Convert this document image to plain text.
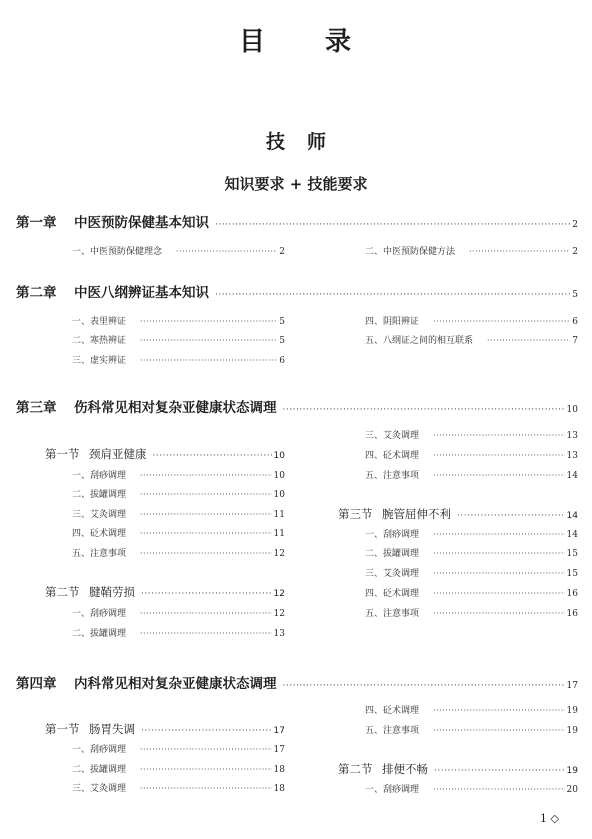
目 录
技 师
知识要求 + 技能要求
第一章 中医预防保健基本知识 ·····	2
一、中医预防保健理念 ·····	2	二、中医预防保健方法 ·····	2
第二章 中医八纲辨证基本知识 ·····	5
一、表里辨证 ·····	5
二、寒热辨证 ·····	5
三、虚实辨证 ·····	6
四、阴阳辨证 ·····	6
五、八纲证之间的相互联系 ·····	7
第三章 伤科常见相对复杂亚健康状态调理 ·····	10
第一节 颈肩亚健康 ·····	10
一、刮痧调理 ·····	10
二、拔罐调理 ·····	10
三、艾灸调理 ·····	11
四、砭术调理 ·····	11
五、注意事项 ·····	12
第二节 腱鞘劳损 ·····	12
一、刮痧调理 ·····	12
二、拔罐调理 ·····	13
三、艾灸调理 ·····	13
四、砭术调理 ·····	13
五、注意事项 ·····	14
第三节 腕管屈伸不利 ·····	14
一、刮痧调理 ·····	14
二、拔罐调理 ·····	15
三、艾灸调理 ·····	15
四、砭术调理 ·····	16
五、注意事项 ·····	16
第四章 内科常见相对复杂亚健康状态调理 ·····	17
第一节 肠胃失调 ·····	17
一、刮痧调理 ·····	17
二、拔罐调理 ·····	18
三、艾灸调理 ·····	18
四、砭术调理 ·····	19
五、注意事项 ·····	19
第二节 排便不畅 ·····	19
一、刮痧调理 ·····	20
1 ◇
